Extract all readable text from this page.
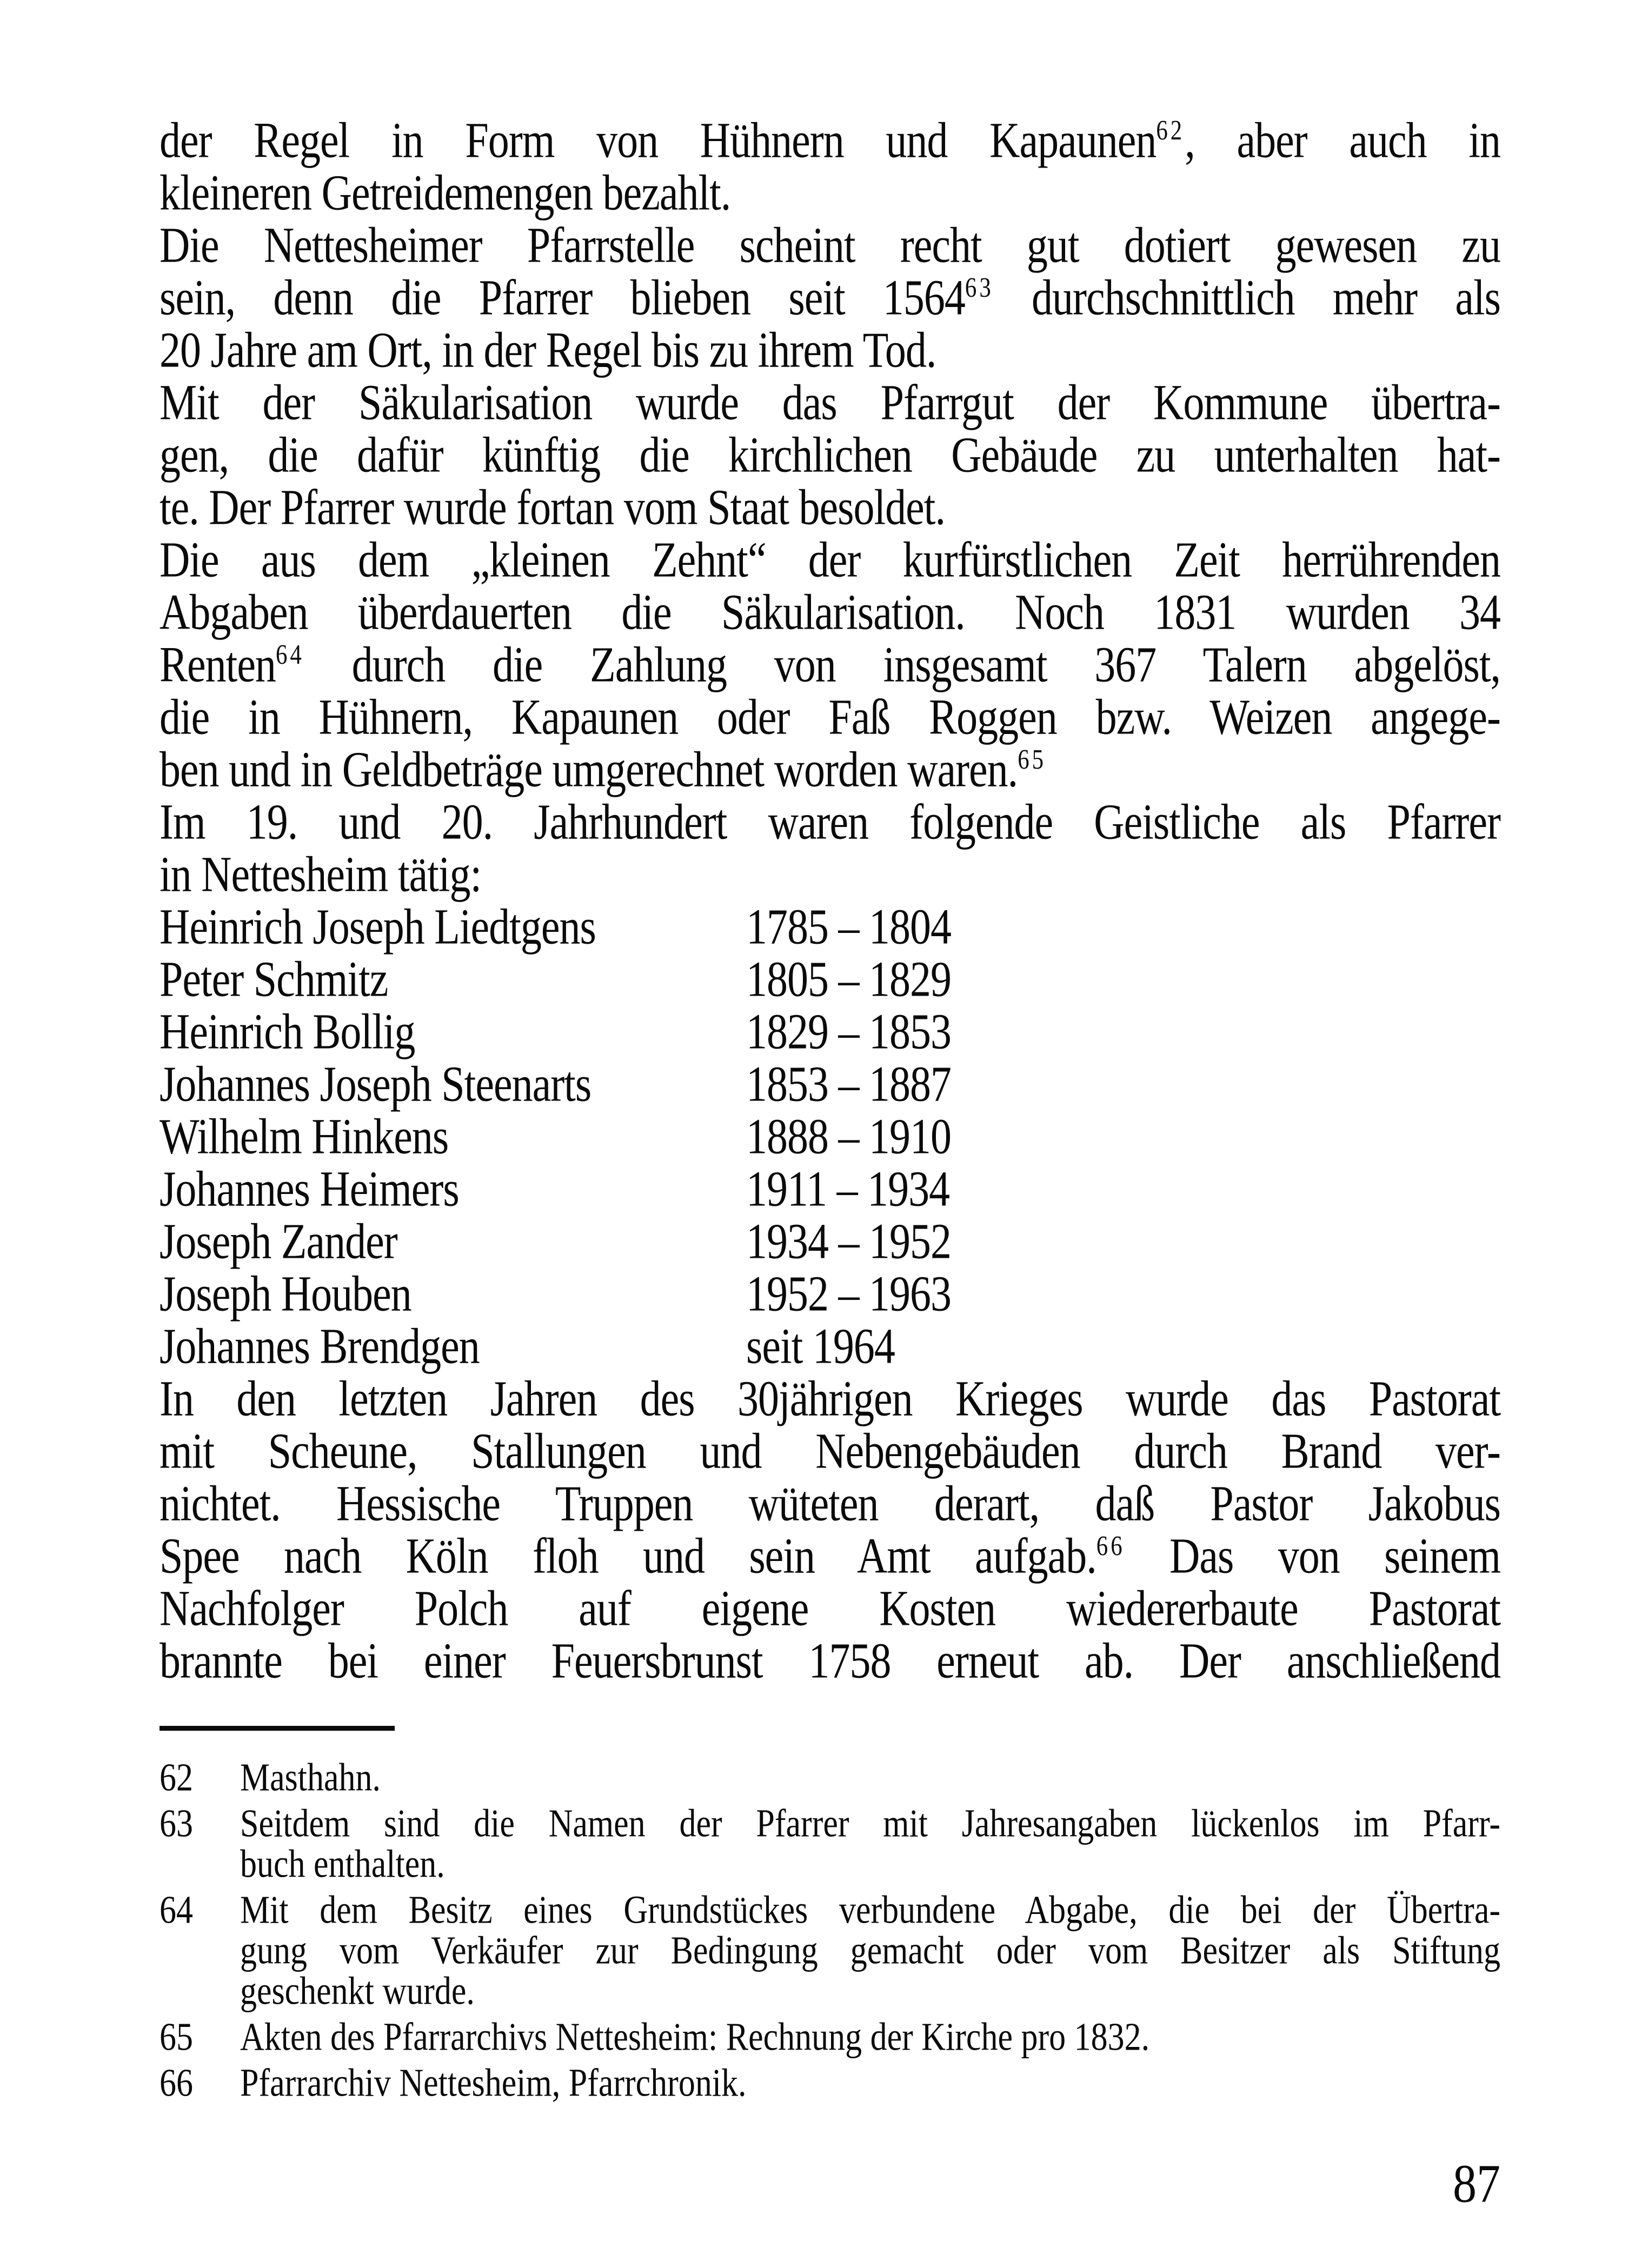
der Regel in Form von Hühnern und Kapaunen$^{62}$, aber auch in
kleineren Getreidemengen bezahlt.
Die Nettesheimer Pfarrstelle scheint recht gut dotiert gewesen zu
sein, denn die Pfarrer blieben seit 1564$^{63}$ durchschnittlich mehr als
20 Jahre am Ort, in der Regel bis zu ihrem Tod.
Mit der Säkularisation wurde das Pfarrgut der Kommune übertra-
gen, die dafür künftig die kirchlichen Gebäude zu unterhalten hat-
te. Der Pfarrer wurde fortan vom Staat besoldet.
Die aus dem „kleinen Zehnt“ der kurfürstlichen Zeit herrührenden
Abgaben überdauerten die Säkularisation. Noch 1831 wurden 34
Renten$^{64}$ durch die Zahlung von insgesamt 367 Talern abgelöst,
die in Hühnern, Kapaunen oder Faß Roggen bzw. Weizen angege-
ben und in Geldbeträge umgerechnet worden waren.$^{65}$
Im 19. und 20. Jahrhundert waren folgende Geistliche als Pfarrer
in Nettesheim tätig:
Heinrich Joseph Liedtgens	1785 – 1804
Peter Schmitz	1805 – 1829
Heinrich Bollig	1829 – 1853
Johannes Joseph Steenarts	1853 – 1887
Wilhelm Hinkens	1888 – 1910
Johannes Heimers	1911 – 1934
Joseph Zander	1934 – 1952
Joseph Houben	1952 – 1963
Johannes Brendgen	seit 1964
In den letzten Jahren des 30jährigen Krieges wurde das Pastorat
mit Scheune, Stallungen und Nebengebäuden durch Brand ver-
nichtet. Hessische Truppen wüteten derart, daß Pastor Jakobus
Spee nach Köln floh und sein Amt aufgab.$^{66}$ Das von seinem
Nachfolger Polch auf eigene Kosten wiedererbaute Pastorat
brannte bei einer Feuersbrunst 1758 erneut ab. Der anschließend
62 Masthahn.
63 Seitdem sind die Namen der Pfarrer mit Jahresangaben lückenlos im Pfarr-
buch enthalten.
64 Mit dem Besitz eines Grundstückes verbundene Abgabe, die bei der Übertra-
gung vom Verkäufer zur Bedingung gemacht oder vom Besitzer als Stiftung
geschenkt wurde.
65 Akten des Pfarrarchivs Nettesheim: Rechnung der Kirche pro 1832.
66 Pfarrarchiv Nettesheim, Pfarrchronik.
87
